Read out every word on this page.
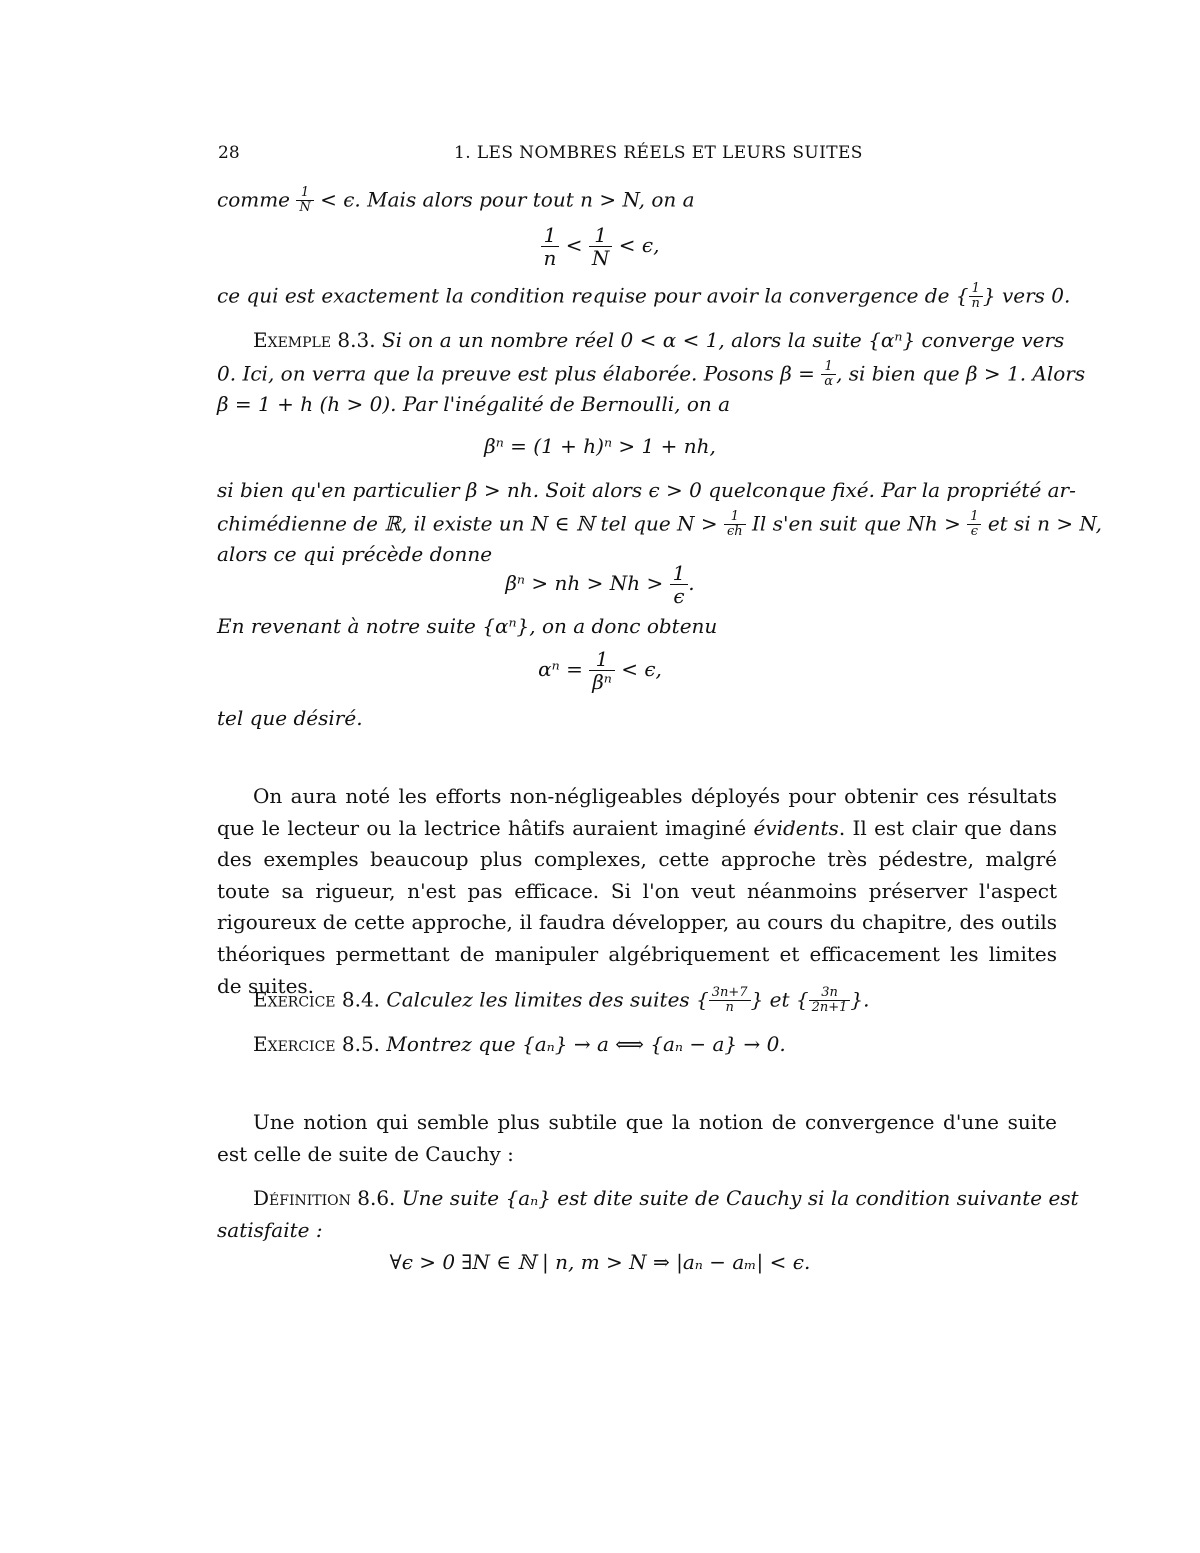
28	1. LES NOMBRES RÉELS ET LEURS SUITES
comme $\frac{1}{N} < \epsilon$. Mais alors pour tout n > N, on a
$\frac{1}{n} < \frac{1}{N} < \epsilon$,
ce qui est exactement la condition requise pour avoir la convergence de { $\frac{1}{n}$ } vers 0.
Exemple 8.3. Si on a un nombre réel 0 < α < 1, alors la suite {αⁿ} converge vers
0. Ici, on verra que la preuve est plus élaborée. Posons $\beta = \frac{1}{\alpha}$ , si bien que β > 1. Alors
β = 1 + h (h > 0). Par l'inégalité de Bernoulli, on a
βⁿ = (1 + h)ⁿ > 1 + nh,
si bien qu'en particulier β > nh. Soit alors ϵ > 0 quelconque fixé. Par la propriété ar-
chimédienne de ℝ, il existe un N ∈ ℕ tel que $N > \frac{1}{\epsilon h}$ Il s'en suit que $Nh > \frac{1}{\epsilon}$ et si n > N,
alors ce qui précède donne
βⁿ > nh > $Nh > \frac{1}{\epsilon}$ .
En revenant à notre suite {αⁿ}, on a donc obtenu
$\alpha^n = \frac{1}{\text{βⁿ}} < \epsilon$,
tel que désiré.
On aura noté les efforts non-négligeables déployés pour obtenir ces résultats que le lecteur ou la lectrice hâtifs auraient imaginé évidents. Il est clair que dans des exemples beaucoup plus complexes, cette approche très pédestre, malgré toute sa rigueur, n'est pas efficace. Si l'on veut néanmoins préserver l'aspect rigoureux de cette approche, il faudra développer, au cours du chapitre, des outils théoriques permettant de manipuler algébriquement et efficacement les limites de suites.
Exercice 8.4. Calculez les limites des suites { $\frac{3n+7}{n}$ } et { $\frac{3n}{2n+1}$ }.
Exercice 8.5. Montrez que {aₙ} → a ⟺ {aₙ − a} → 0.
Une notion qui semble plus subtile que la notion de convergence d'une suite est celle de suite de Cauchy :
Définition 8.6. Une suite {aₙ} est dite suite de Cauchy si la condition suivante est
satisfaite :
∀ϵ > 0 ∃N ∈ ℕ | n, m > N ⇒ |aₙ − aₘ| < ϵ.
